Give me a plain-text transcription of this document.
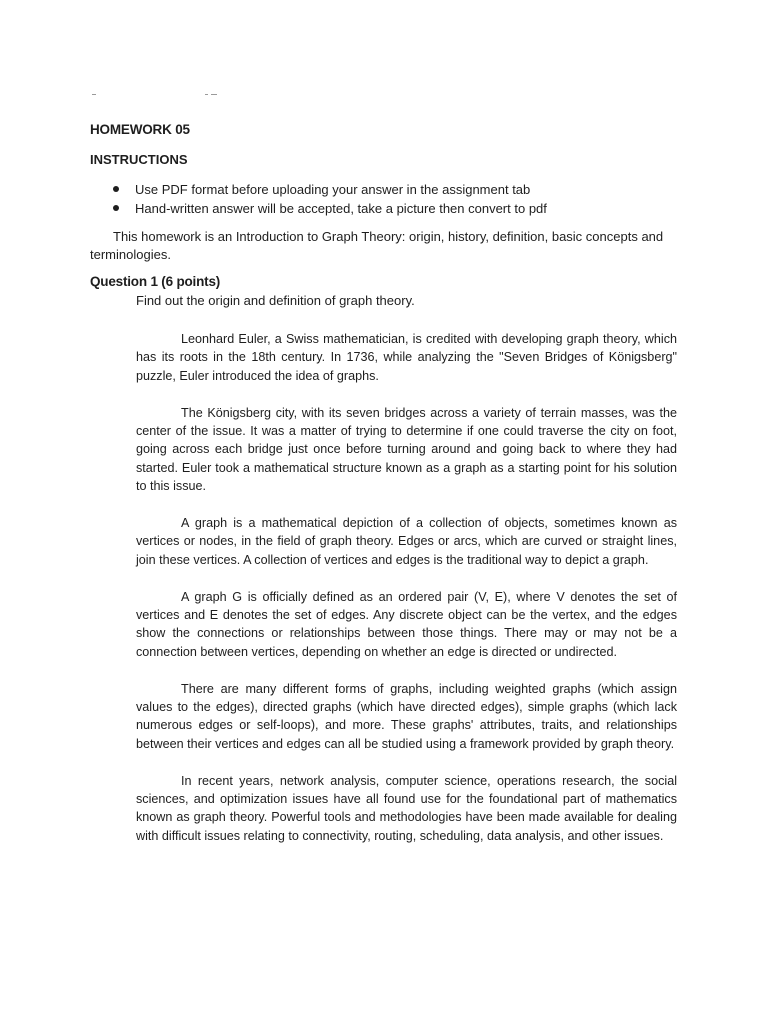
HOMEWORK 05
INSTRUCTIONS
Use PDF format before uploading your answer in the assignment tab
Hand-written answer will be accepted, take a picture then convert to pdf

This homework is an Introduction to Graph Theory: origin, history, definition, basic concepts and terminologies.

Question 1 (6 points)

Find out the origin and definition of graph theory.

Leonhard Euler, a Swiss mathematician, is credited with developing graph theory, which has its roots in the 18th century. In 1736, while analyzing the "Seven Bridges of Königsberg" puzzle, Euler introduced the idea of graphs.

The Königsberg city, with its seven bridges across a variety of terrain masses, was the center of the issue. It was a matter of trying to determine if one could traverse the city on foot, going across each bridge just once before turning around and going back to where they had started. Euler took a mathematical structure known as a graph as a starting point for his solution to this issue.

A graph is a mathematical depiction of a collection of objects, sometimes known as vertices or nodes, in the field of graph theory. Edges or arcs, which are curved or straight lines, join these vertices. A collection of vertices and edges is the traditional way to depict a graph.

A graph G is officially defined as an ordered pair (V, E), where V denotes the set of vertices and E denotes the set of edges. Any discrete object can be the vertex, and the edges show the connections or relationships between those things. There may or may not be a connection between vertices, depending on whether an edge is directed or undirected.

There are many different forms of graphs, including weighted graphs (which assign values to the edges), directed graphs (which have directed edges), simple graphs (which lack numerous edges or self-loops), and more. These graphs' attributes, traits, and relationships between their vertices and edges can all be studied using a framework provided by graph theory.

In recent years, network analysis, computer science, operations research, the social sciences, and optimization issues have all found use for the foundational part of mathematics known as graph theory. Powerful tools and methodologies have been made available for dealing with difficult issues relating to connectivity, routing, scheduling, data analysis, and other issues.
